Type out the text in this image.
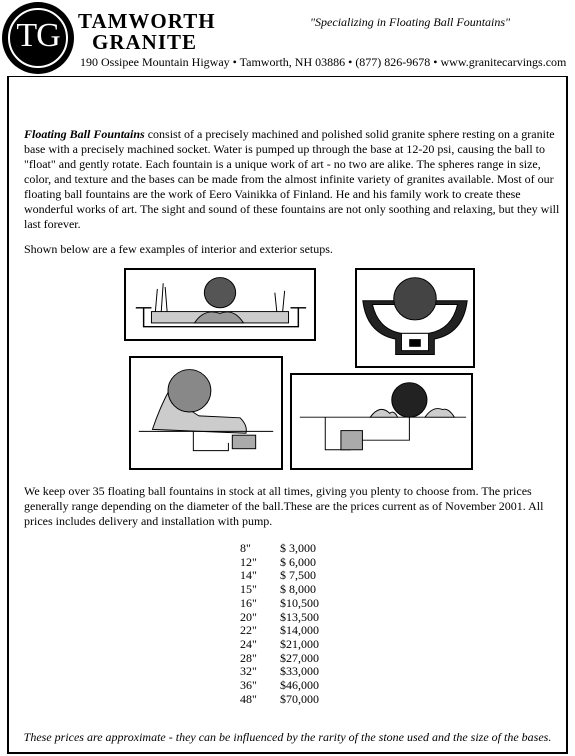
TG TAMWORTH
GRANITE
"Specializing in Floating Ball Fountains"
190 Ossipee Mountain Higway • Tamworth, NH 03886 • (877) 826-9678 • www.granitecarvings.com

Floating Ball Fountains consist of a precisely machined and polished solid granite sphere resting on a granite base with a precisely machined socket. Water is pumped up through the base at 12-20 psi, causing the ball to "float" and gently rotate. Each fountain is a unique work of art - no two are alike. The spheres range in size, color, and texture and the bases can be made from the almost infinite variety of granites available. Most of our floating ball fountains are the work of Eero Vainikka of Finland. He and his family work to create these wonderful works of art. The sight and sound of these fountains are not only soothing and relaxing, but they will last forever.

Shown below are a few examples of interior and exterior setups.

We keep over 35 floating ball fountains in stock at all times, giving you plenty to choose from. The prices generally range depending on the diameter of the ball.These are the prices current as of November 2001. All prices includes delivery and installation with pump.

8"	$ 3,000
12"	$ 6,000
14"	$ 7,500
15"	$ 8,000
16"	$10,500
20"	$13,500
22"	$14,000
24"	$21,000
28"	$27,000
32"	$33,000
36"	$46,000
48"	$70,000
These prices are approximate - they can be influenced by the rarity of the stone used and the size of the bases.
